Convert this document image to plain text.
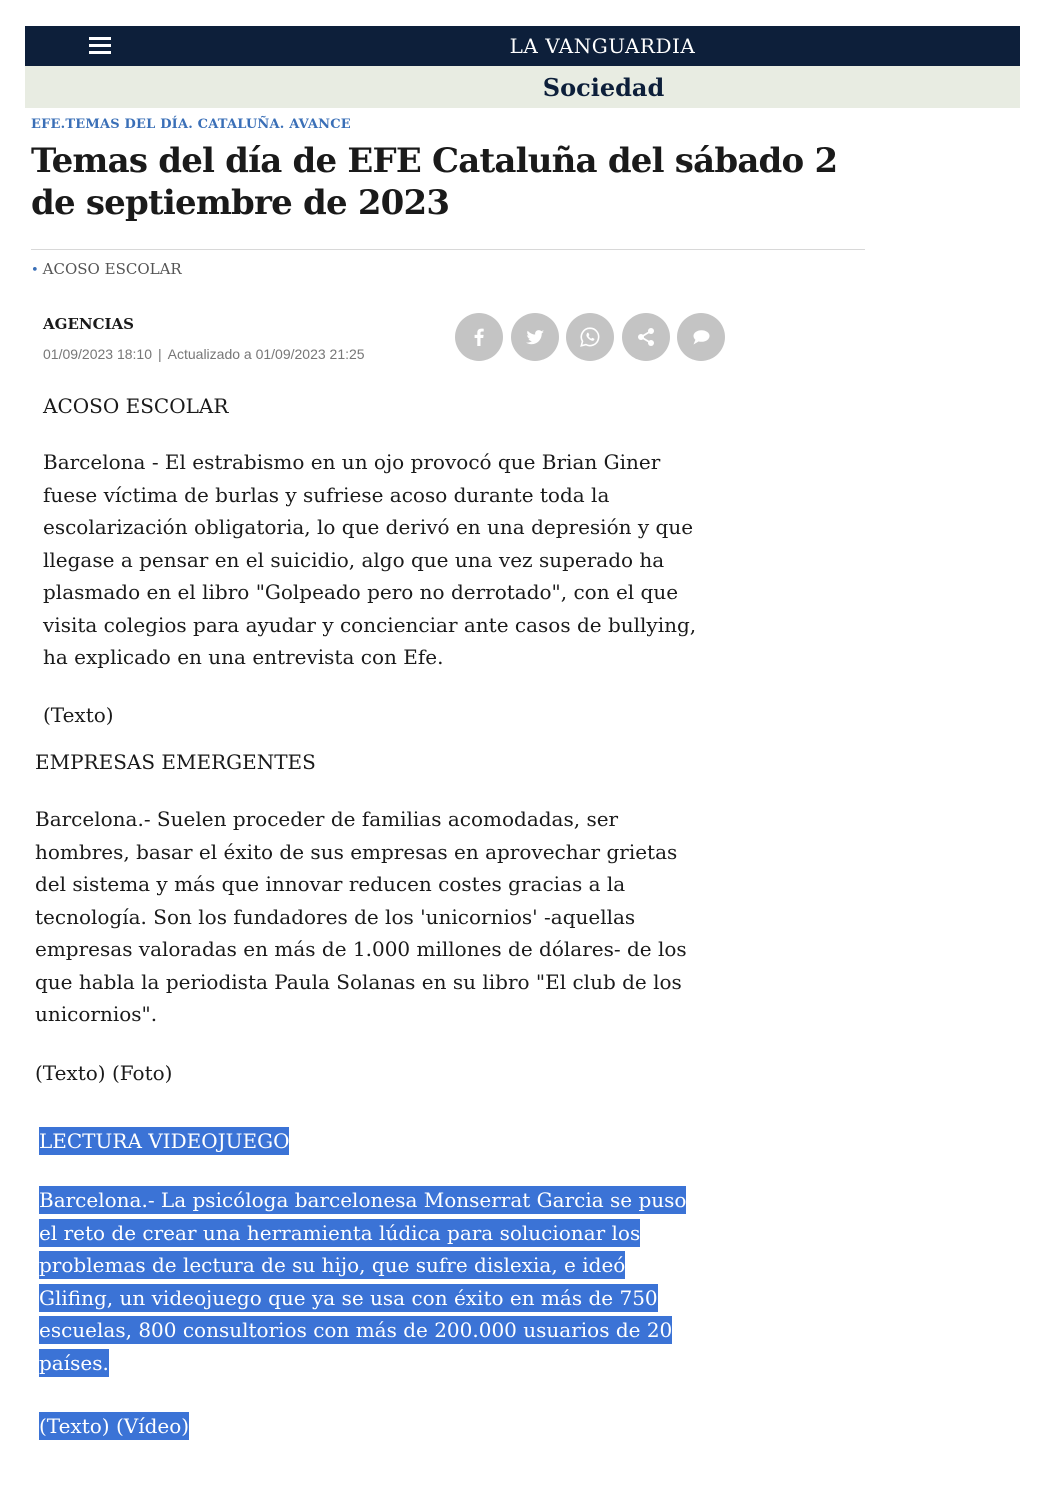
LA VANGUARDIA
Sociedad
EFE.TEMAS DEL DÍA. CATALUÑA. AVANCE
Temas del día de EFE Cataluña del sábado 2 de septiembre de 2023
• ACOSO ESCOLAR
AGENCIAS
01/09/2023 18:10 | Actualizado a 01/09/2023 21:25

ACOSO ESCOLAR

Barcelona - El estrabismo en un ojo provocó que Brian Giner
fuese víctima de burlas y sufriese acoso durante toda la
escolarización obligatoria, lo que derivó en una depresión y que
llegase a pensar en el suicidio, algo que una vez superado ha
plasmado en el libro "Golpeado pero no derrotado", con el que
visita colegios para ayudar y concienciar ante casos de bullying,
ha explicado en una entrevista con Efe.

(Texto)

EMPRESAS EMERGENTES

Barcelona.- Suelen proceder de familias acomodadas, ser
hombres, basar el éxito de sus empresas en aprovechar grietas
del sistema y más que innovar reducen costes gracias a la
tecnología. Son los fundadores de los 'unicornios' -aquellas
empresas valoradas en más de 1.000 millones de dólares- de los
que habla la periodista Paula Solanas en su libro "El club de los
unicornios".

(Texto) (Foto)

LECTURA VIDEOJUEGO

Barcelona.- La psicóloga barcelonesa Monserrat Garcia se puso
el reto de crear una herramienta lúdica para solucionar los
problemas de lectura de su hijo, que sufre dislexia, e ideó
Glifing, un videojuego que ya se usa con éxito en más de 750
escuelas, 800 consultorios con más de 200.000 usuarios de 20
países.

(Texto) (Vídeo)
